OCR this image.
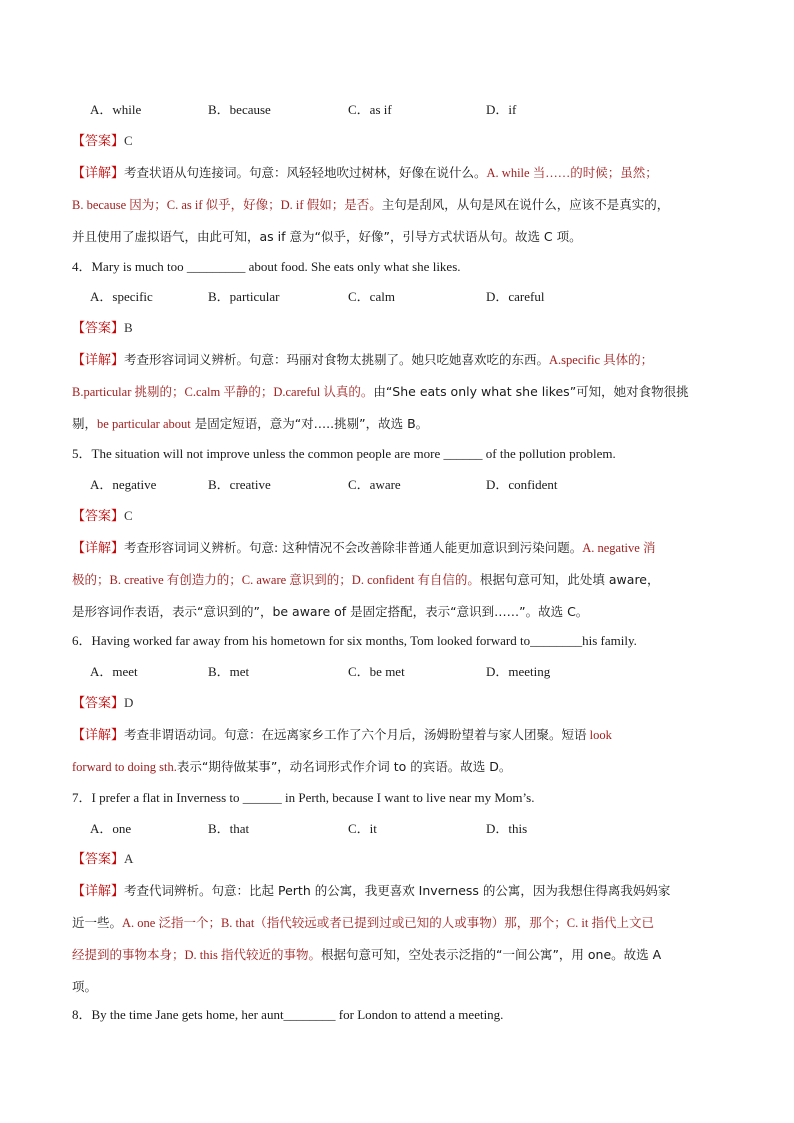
A．while	B．because	C．as if	D．if
【答案】C
【详解】考查状语从句连接词。句意：风轻轻地吹过树林，好像在说什么。A. while 当……的时候；虽然；
B. because 因为；C. as if 似乎，好像；D. if 假如；是否。主句是刮风，从句是风在说什么，应该不是真实的，
并且使用了虚拟语气，由此可知，as if 意为“似乎，好像”，引导方式状语从句。故选 C 项。
4．Mary is much too _________ about food. She eats only what she likes.
A．specific	B．particular	C．calm	D．careful
【答案】B
【详解】考查形容词词义辨析。句意：玛丽对食物太挑剔了。她只吃她喜欢吃的东西。A.specific 具体的；
B.particular 挑剔的；C.calm 平静的；D.careful 认真的。由“She eats only what she likes”可知，她对食物很挑
剔，be particular about 是固定短语，意为“对…..挑剔”，故选 B。
5．The situation will not improve unless the common people are more ______ of the pollution problem.
A．negative	B．creative	C．aware	D．confident
【答案】C
【详解】考查形容词词义辨析。句意: 这种情况不会改善除非普通人能更加意识到污染问题。A. negative 消
极的；B. creative 有创造力的；C. aware 意识到的；D. confident 有自信的。根据句意可知，此处填 aware，
是形容词作表语，表示“意识到的”，be aware of 是固定搭配，表示“意识到……”。故选 C。
6．Having worked far away from his hometown for six months, Tom looked forward to________his family.
A．meet	B．met	C．be met	D．meeting
【答案】D
【详解】考查非谓语动词。句意：在远离家乡工作了六个月后，汤姆盼望着与家人团聚。短语 look
forward to doing sth.表示“期待做某事”，动名词形式作介词 to 的宾语。故选 D。
7．I prefer a flat in Inverness to ______ in Perth, because I want to live near my Mom’s.
A．one	B．that	C．it	D．this
【答案】A
【详解】考查代词辨析。句意：比起 Perth 的公寓，我更喜欢 Inverness 的公寓，因为我想住得离我妈妈家
近一些。A. one 泛指一个；B. that（指代较远或者已提到过或已知的人或事物）那，那个；C. it 指代上文已
经提到的事物本身；D. this 指代较近的事物。根据句意可知，空处表示泛指的“一间公寓”，用 one。故选 A
项。
8．By the time Jane gets home, her aunt________ for London to attend a meeting.
